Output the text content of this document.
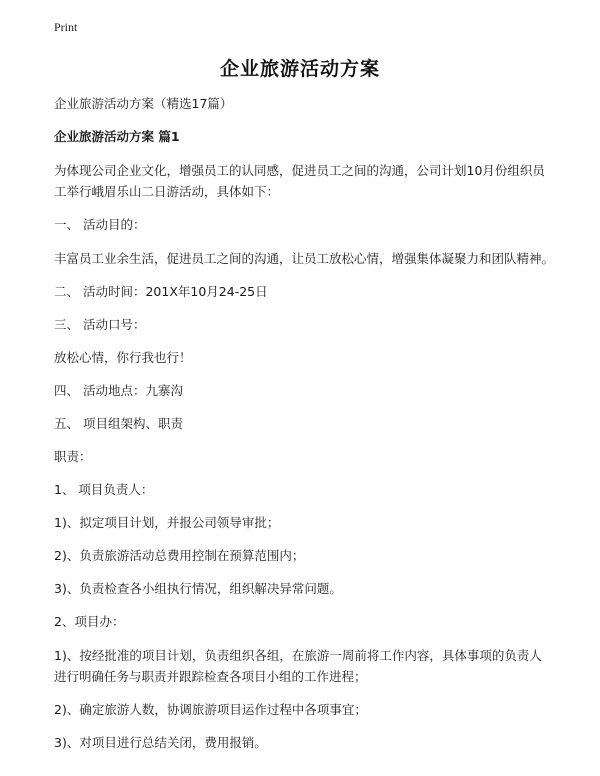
Print
企业旅游活动方案

企业旅游活动方案（精选17篇）

企业旅游活动方案 篇1

为体现公司企业文化，增强员工的认同感，促进员工之间的沟通，公司计划10月份组织员工举行峨眉乐山二日游活动，具体如下：

一、 活动目的：

丰富员工业余生活，促进员工之间的沟通，让员工放松心情，增强集体凝聚力和团队精神。

二、 活动时间：201X年10月24-25日

三、 活动口号：

放松心情，你行我也行！

四、 活动地点：九寨沟

五、 项目组架构、职责

职责：

1、 项目负责人：

1)、拟定项目计划，并报公司领导审批；

2)、负责旅游活动总费用控制在预算范围内；

3)、负责检查各小组执行情况，组织解决异常问题。

2、项目办：

1)、按经批准的项目计划，负责组织各组，在旅游一周前将工作内容，具体事项的负责人进行明确任务与职责并跟踪检查各项目小组的工作进程；

2)、确定旅游人数，协调旅游项目运作过程中各项事宜；

3)、对项目进行总结关闭，费用报销。
